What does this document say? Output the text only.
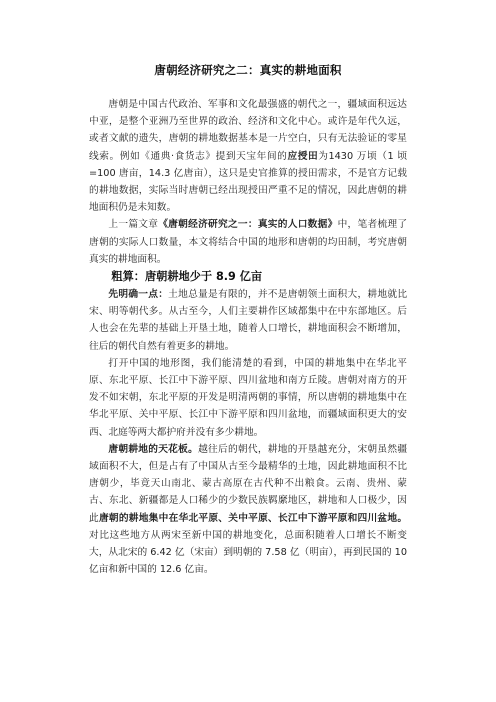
唐朝经济研究之二：真实的耕地面积

唐朝是中国古代政治、军事和文化最强盛的朝代之一，疆域面积远达中亚，是整个亚洲乃至世界的政治、经济和文化中心。或许是年代久远，或者文献的遗失，唐朝的耕地数据基本是一片空白，只有无法验证的零星线索。例如《通典·食货志》提到天宝年间的应授田为1430 万顷（1 顷=100 唐亩，14.3 亿唐亩），这只是史官推算的授田需求，不是官方记载的耕地数据，实际当时唐朝已经出现授田严重不足的情况，因此唐朝的耕地面积仍是未知数。

上一篇文章《唐朝经济研究之一：真实的人口数据》中，笔者梳理了唐朝的实际人口数量，本文将结合中国的地形和唐朝的均田制，考究唐朝真实的耕地面积。

粗算：唐朝耕地少于 8.9 亿亩

先明确一点：土地总量是有限的，并不是唐朝领土面积大，耕地就比宋、明等朝代多。从古至今，人们主要耕作区域都集中在中东部地区。后人也会在先辈的基础上开垦土地，随着人口增长，耕地面积会不断增加，往后的朝代自然有着更多的耕地。

打开中国的地形图，我们能清楚的看到，中国的耕地集中在华北平原、东北平原、长江中下游平原、四川盆地和南方丘陵。唐朝对南方的开发不如宋朝，东北平原的开发是明清两朝的事情，所以唐朝的耕地集中在华北平原、关中平原、长江中下游平原和四川盆地，而疆域面积更大的安西、北庭等两大都护府并没有多少耕地。

唐朝耕地的天花板。越往后的朝代，耕地的开垦越充分，宋朝虽然疆域面积不大，但是占有了中国从古至今最精华的土地，因此耕地面积不比唐朝少，毕竟天山南北、蒙古高原在古代种不出粮食。云南、贵州、蒙古、东北、新疆都是人口稀少的少数民族羁縻地区，耕地和人口极少，因此唐朝的耕地集中在华北平原、关中平原、长江中下游平原和四川盆地。对比这些地方从两宋至新中国的耕地变化，总面积随着人口增长不断变大，从北宋的 6.42 亿（宋亩）到明朝的 7.58 亿（明亩），再到民国的 10 亿亩和新中国的 12.6 亿亩。
